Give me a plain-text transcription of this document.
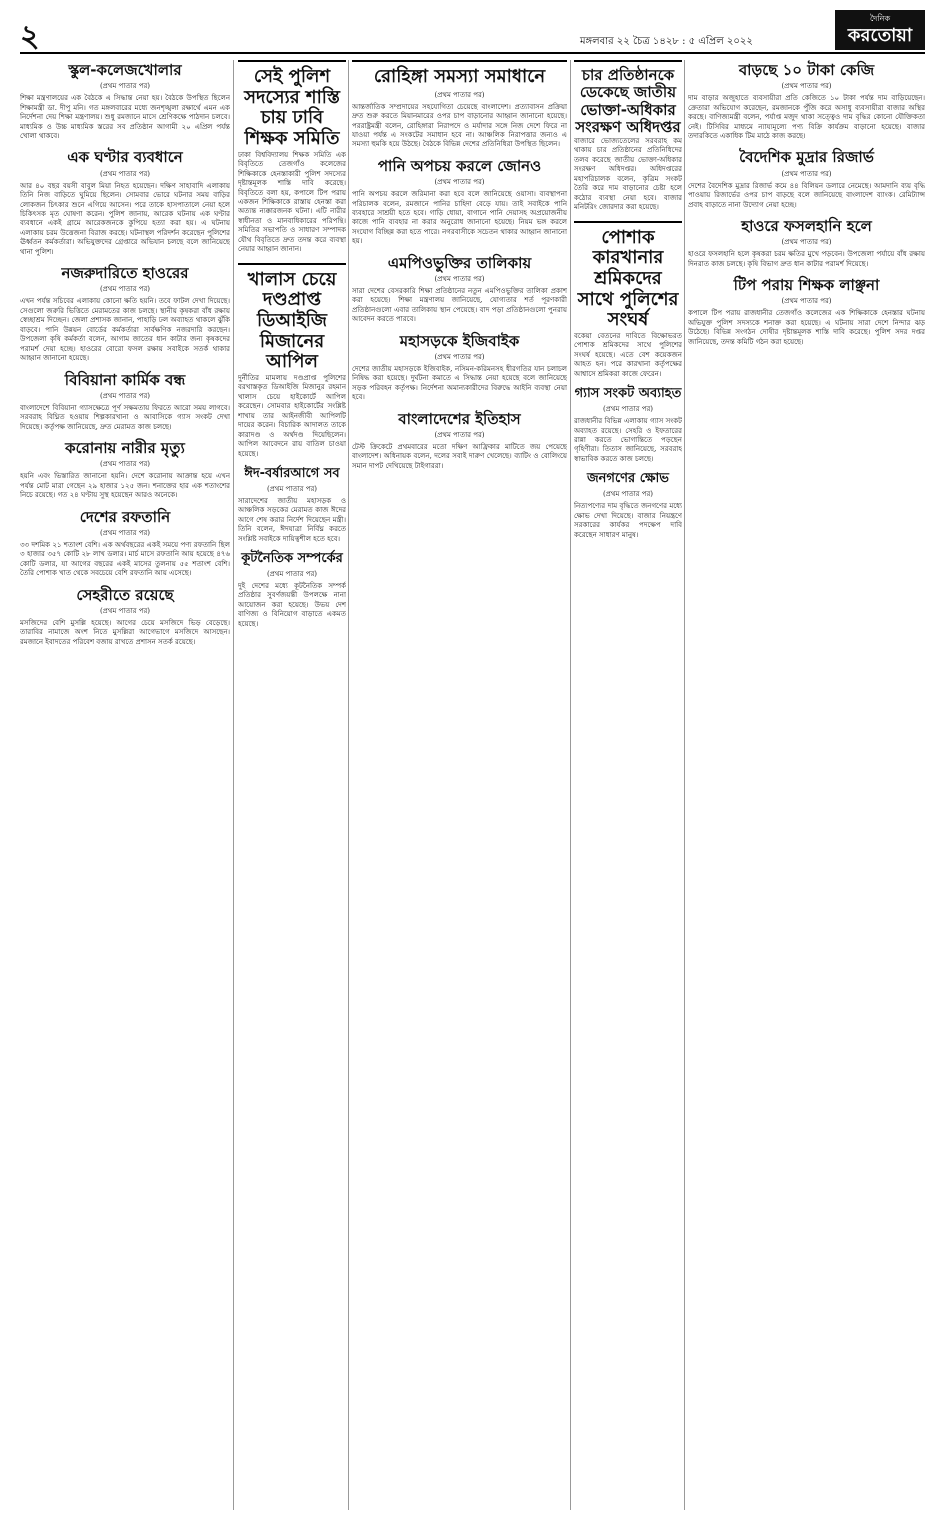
২	মঙ্গলবার ২২ চৈত্র ১৪২৮ : ৫ এপ্রিল ২০২২
দৈনিক
করতোয়া
স্কুল-কলেজখোলার
(প্রথম পাতার পর)
শিক্ষা মন্ত্রণালয়ের এক বৈঠকে এ সিদ্ধান্ত নেয়া হয়। বৈঠকে উপস্থিত ছিলেন শিক্ষামন্ত্রী ডা. দীপু মনি। গত মঙ্গলবারের মধ্যে জনশৃঙ্খলা রক্ষার্থে এমন এক নির্দেশনা দেয় শিক্ষা মন্ত্রণালয়। শুধু রমজানে মাসে শ্রেণিকক্ষে পাঠদান চলবে। মাধ্যমিক ও উচ্চ মাধ্যমিক স্তরের সব প্রতিষ্ঠান আগামী ২০ এপ্রিল পর্যন্ত খোলা থাকবে।
এক ঘণ্টার ব্যবধানে
(প্রথম পাতার পর)
আর ৪০ বছর বয়সী বাবুল মিয়া নিহত হয়েছেন। দক্ষিণ সাহাবাদি এলাকায় তিনি নিজ বাড়িতে ঘুমিয়ে ছিলেন। সোমবার ভোরে ঘটনার সময় বাড়ির লোকজন চিৎকার শুনে এগিয়ে আসেন। পরে তাকে হাসপাতালে নেয়া হলে চিকিৎসক মৃত ঘোষণা করেন। পুলিশ জানায়, আরেক ঘটনায় এক ঘণ্টার ব্যবধানে একই গ্রামে আরেকজনকে কুপিয়ে হত্যা করা হয়। এ ঘটনায় এলাকায় চরম উত্তেজনা বিরাজ করছে। ঘটনাস্থল পরিদর্শন করেছেন পুলিশের ঊর্ধ্বতন কর্মকর্তারা। অভিযুক্তদের গ্রেপ্তারে অভিযান চলছে বলে জানিয়েছে থানা পুলিশ।
নজরুদারিতে হাওরের
(প্রথম পাতার পর)
এখন পর্যন্ত সচিবের এলাকায় কোনো ক্ষতি হয়নি। তবে ফাটল দেখা দিয়েছে। সেগুলো জরুরি ভিত্তিতে মেরামতের কাজ চলছে। স্থানীয় কৃষকরা বাঁধ রক্ষায় স্বেচ্ছাশ্রম দিচ্ছেন। জেলা প্রশাসক জানান, পাহাড়ি ঢল অব্যাহত থাকলে ঝুঁকি বাড়বে। পানি উন্নয়ন বোর্ডের কর্মকর্তারা সার্বক্ষণিক নজরদারি করছেন। উপজেলা কৃষি কর্মকর্তা বলেন, আগাম জাতের ধান কাটার জন্য কৃষকদের পরামর্শ দেয়া হচ্ছে। হাওরের বোরো ফসল রক্ষায় সবাইকে সতর্ক থাকার আহ্বান জানানো হয়েছে।
বিবিয়ানা কাৰ্মিক বন্ধ
(প্রথম পাতার পর)
বাংলাদেশে বিবিয়ানা গ্যাসক্ষেত্রে পূর্ণ সক্ষমতায় ফিরতে আরো সময় লাগবে। সরবরাহ বিঘ্নিত হওয়ায় শিল্পকারখানা ও আবাসিকে গ্যাস সংকট দেখা দিয়েছে। কর্তৃপক্ষ জানিয়েছে, দ্রুত মেরামত কাজ চলছে।
করোনায় নারীর মৃত্যু
(প্রথম পাতার পর)
হয়নি এবং ভিস্তারিত জানানো হয়নি। দেশে করোনায় আক্রান্ত হয়ে এখন পর্যন্ত মোট মারা গেছেন ২৯ হাজার ১২৫ জন। শনাক্তের হার এক শতাংশের নিচে রয়েছে। গত ২৪ ঘণ্টায় সুস্থ হয়েছেন আরও অনেকে।
দেশের রফতানি
(প্রথম পাতার পর)
৩৩ দশমিক ২১ শতাংশ বেশি। এক অর্থবছরের একই সময়ে পণ্য রফতানি ছিল ৩ হাজার ৩৫৭ কোটি ২৮ লাখ ডলার। মার্চ মাসে রফতানি আয় হয়েছে ৪৭৬ কোটি ডলার, যা আগের বছরের একই মাসের তুলনায় ৫৫ শতাংশ বেশি। তৈরি পোশাক খাত থেকে সবচেয়ে বেশি রফতানি আয় এসেছে।
সেহরীতে রয়েছে
(প্রথম পাতার পর)
মসজিদের বেশি মুসল্লি হয়েছে। আগের চেয়ে মসজিদে ভিড় বেড়েছে। তারাবির নামাজে অংশ নিতে মুসল্লিরা আগেভাগে মসজিদে আসছেন। রমজানে ইবাদতের পরিবেশ বজায় রাখতে প্রশাসন সতর্ক রয়েছে।
সেই পুলিশ সদস্যের শাস্তি চায় ঢাবি শিক্ষক সমিতি
ঢাকা বিশ্ববিদ্যালয় শিক্ষক সমিতি এক বিবৃতিতে তেজগাঁও কলেজের শিক্ষিকাকে হেনস্তাকারী পুলিশ সদস্যের দৃষ্টান্তমূলক শাস্তি দাবি করেছে। বিবৃতিতে বলা হয়, কপালে টিপ পরায় একজন শিক্ষিকাকে রাস্তায় হেনস্তা করা অত্যন্ত ন্যক্কারজনক ঘটনা। এটি নারীর স্বাধীনতা ও মানবাধিকারের পরিপন্থি। সমিতির সভাপতি ও সাধারণ সম্পাদক যৌথ বিবৃতিতে দ্রুত তদন্ত করে ব্যবস্থা নেয়ার আহ্বান জানান।
খালাস চেয়ে দণ্ডপ্রাপ্ত ডিআইজি মিজানের আপিল
দুর্নীতির মামলায় দণ্ডপ্রাপ্ত পুলিশের বরখাস্তকৃত ডিআইজি মিজানুর রহমান খালাস চেয়ে হাইকোর্টে আপিল করেছেন। সোমবার হাইকোর্টের সংশ্লিষ্ট শাখায় তার আইনজীবী আপিলটি দায়ের করেন। বিচারিক আদালত তাকে কারাদণ্ড ও অর্থদণ্ড দিয়েছিলেন। আপিল আবেদনে রায় বাতিল চাওয়া হয়েছে।
ঈদ-বর্ষারআগে সব
(প্রথম পাতার পর)
সারাদেশের জাতীয় মহাসড়ক ও আঞ্চলিক সড়কের মেরামত কাজ ঈদের আগে শেষ করার নির্দেশ দিয়েছেন মন্ত্রী। তিনি বলেন, ঈদযাত্রা নির্বিঘ্ন করতে সংশ্লিষ্ট সবাইকে দায়িত্বশীল হতে হবে।
কূটনৈতিক সম্পর্কের
(প্রথম পাতার পর)
দুই দেশের মধ্যে কূটনৈতিক সম্পর্ক প্রতিষ্ঠার সুবর্ণজয়ন্তী উপলক্ষে নানা আয়োজন করা হয়েছে। উভয় দেশ বাণিজ্য ও বিনিয়োগ বাড়াতে একমত হয়েছে।
রোহিঙ্গা সমস্যা সমাধানে
(প্রথম পাতার পর)
আন্তর্জাতিক সম্প্রদায়ের সহযোগিতা চেয়েছে বাংলাদেশ। প্রত্যাবাসন প্রক্রিয়া দ্রুত শুরু করতে মিয়ানমারের ওপর চাপ বাড়ানোর আহ্বান জানানো হয়েছে। পররাষ্ট্রমন্ত্রী বলেন, রোহিঙ্গারা নিরাপদে ও মর্যাদার সঙ্গে নিজ দেশে ফিরে না যাওয়া পর্যন্ত এ সংকটের সমাধান হবে না। আঞ্চলিক নিরাপত্তার জন্যও এ সমস্যা হুমকি হয়ে উঠছে। বৈঠকে বিভিন্ন দেশের প্রতিনিধিরা উপস্থিত ছিলেন।
পানি অপচয় করলে জোনও
(প্রথম পাতার পর)
পানি অপচয় করলে জরিমানা করা হবে বলে জানিয়েছে ওয়াসা। ব্যবস্থাপনা পরিচালক বলেন, রমজানে পানির চাহিদা বেড়ে যায়। তাই সবাইকে পানি ব্যবহারে সাশ্রয়ী হতে হবে। গাড়ি ধোয়া, বাগানে পানি দেয়াসহ অপ্রয়োজনীয় কাজে পানি ব্যবহার না করার অনুরোধ জানানো হয়েছে। নিয়ম ভঙ্গ করলে সংযোগ বিচ্ছিন্ন করা হতে পারে। নগরবাসীকে সচেতন থাকার আহ্বান জানানো হয়।
এমপিওভুক্তির তালিকায়
(প্রথম পাতার পর)
সারা দেশের বেসরকারি শিক্ষা প্রতিষ্ঠানের নতুন এমপিওভুক্তির তালিকা প্রকাশ করা হয়েছে। শিক্ষা মন্ত্রণালয় জানিয়েছে, যোগ্যতার শর্ত পূরণকারী প্রতিষ্ঠানগুলো এবার তালিকায় স্থান পেয়েছে। বাদ পড়া প্রতিষ্ঠানগুলো পুনরায় আবেদন করতে পারবে।
মহাসড়কে ইজিবাইক
(প্রথম পাতার পর)
দেশের জাতীয় মহাসড়কে ইজিবাইক, নসিমন-করিমনসহ ধীরগতির যান চলাচল নিষিদ্ধ করা হয়েছে। দুর্ঘটনা কমাতে এ সিদ্ধান্ত নেয়া হয়েছে বলে জানিয়েছে সড়ক পরিবহন কর্তৃপক্ষ। নির্দেশনা অমান্যকারীদের বিরুদ্ধে আইনি ব্যবস্থা নেয়া হবে।
বাংলাদেশের ইতিহাস
(প্রথম পাতার পর)
টেস্ট ক্রিকেটে প্রথমবারের মতো দক্ষিণ আফ্রিকার মাটিতে জয় পেয়েছে বাংলাদেশ। অধিনায়ক বলেন, দলের সবাই দারুণ খেলেছে। ব্যাটিং ও বোলিংয়ে সমান দাপট দেখিয়েছে টাইগাররা।
চার প্রতিষ্ঠানকে ডেকেছে জাতীয় ভোক্তা-অধিকার সংরক্ষণ অধিদপ্তর
বাজারে ভোজ্যতেলের সরবরাহ কম থাকায় চার প্রতিষ্ঠানের প্রতিনিধিদের তলব করেছে জাতীয় ভোক্তা-অধিকার সংরক্ষণ অধিদপ্তর। অধিদপ্তরের মহাপরিচালক বলেন, কৃত্রিম সংকট তৈরি করে দাম বাড়ানোর চেষ্টা হলে কঠোর ব্যবস্থা নেয়া হবে। বাজার মনিটরিং জোরদার করা হয়েছে।
পোশাক কারখানার শ্রমিকদের সাথে পুলিশের সংঘর্ষ
বকেয়া বেতনের দাবিতে বিক্ষোভরত পোশাক শ্রমিকদের সাথে পুলিশের সংঘর্ষ হয়েছে। এতে বেশ কয়েকজন আহত হন। পরে কারখানা কর্তৃপক্ষের আশ্বাসে শ্রমিকরা কাজে ফেরেন।
গ্যাস সংকট অব্যাহত
(প্রথম পাতার পর)
রাজধানীর বিভিন্ন এলাকায় গ্যাস সংকট অব্যাহত রয়েছে। সেহরি ও ইফতারের রান্না করতে ভোগান্তিতে পড়ছেন গৃহিণীরা। তিতাস জানিয়েছে, সরবরাহ স্বাভাবিক করতে কাজ চলছে।
জনগণের ক্ষোভ
(প্রথম পাতার পর)
নিত্যপণ্যের দাম বৃদ্ধিতে জনগণের মধ্যে ক্ষোভ দেখা দিয়েছে। বাজার নিয়ন্ত্রণে সরকারের কার্যকর পদক্ষেপ দাবি করেছেন সাধারণ মানুষ।
বাড়ছে ১০ টাকা কেজি
(প্রথম পাতার পর)
দাম বাড়ার অজুহাতে ব্যবসায়ীরা প্রতি কেজিতে ১০ টাকা পর্যন্ত দাম বাড়িয়েছেন। ক্রেতারা অভিযোগ করেছেন, রমজানকে পুঁজি করে অসাধু ব্যবসায়ীরা বাজার অস্থির করছে। বাণিজ্যমন্ত্রী বলেন, পর্যাপ্ত মজুদ থাকা সত্ত্বেও দাম বৃদ্ধির কোনো যৌক্তিকতা নেই। টিসিবির মাধ্যমে ন্যায্যমূল্যে পণ্য বিক্রি কার্যক্রম বাড়ানো হয়েছে। বাজার তদারকিতে একাধিক টিম মাঠে কাজ করছে।
বৈদেশিক মুদ্রার রিজার্ভ
(প্রথম পাতার পর)
দেশের বৈদেশিক মুদ্রার রিজার্ভ কমে ৪৪ বিলিয়ন ডলারে নেমেছে। আমদানি ব্যয় বৃদ্ধি পাওয়ায় রিজার্ভের ওপর চাপ বাড়ছে বলে জানিয়েছে বাংলাদেশ ব্যাংক। রেমিট্যান্স প্রবাহ বাড়াতে নানা উদ্যোগ নেয়া হচ্ছে।
হাওরে ফসলহানি হলে
(প্রথম পাতার পর)
হাওরে ফসলহানি হলে কৃষকরা চরম ক্ষতির মুখে পড়বেন। উপজেলা পর্যায়ে বাঁধ রক্ষায় দিনরাত কাজ চলছে। কৃষি বিভাগ দ্রুত ধান কাটার পরামর্শ দিয়েছে।
টিপ পরায় শিক্ষক লাঞ্ছনা
(প্রথম পাতার পর)
কপালে টিপ পরায় রাজধানীর তেজগাঁও কলেজের এক শিক্ষিকাকে হেনস্তার ঘটনায় অভিযুক্ত পুলিশ সদস্যকে শনাক্ত করা হয়েছে। এ ঘটনায় সারা দেশে নিন্দার ঝড় উঠেছে। বিভিন্ন সংগঠন দোষীর দৃষ্টান্তমূলক শাস্তি দাবি করেছে। পুলিশ সদর দপ্তর জানিয়েছে, তদন্ত কমিটি গঠন করা হয়েছে।
